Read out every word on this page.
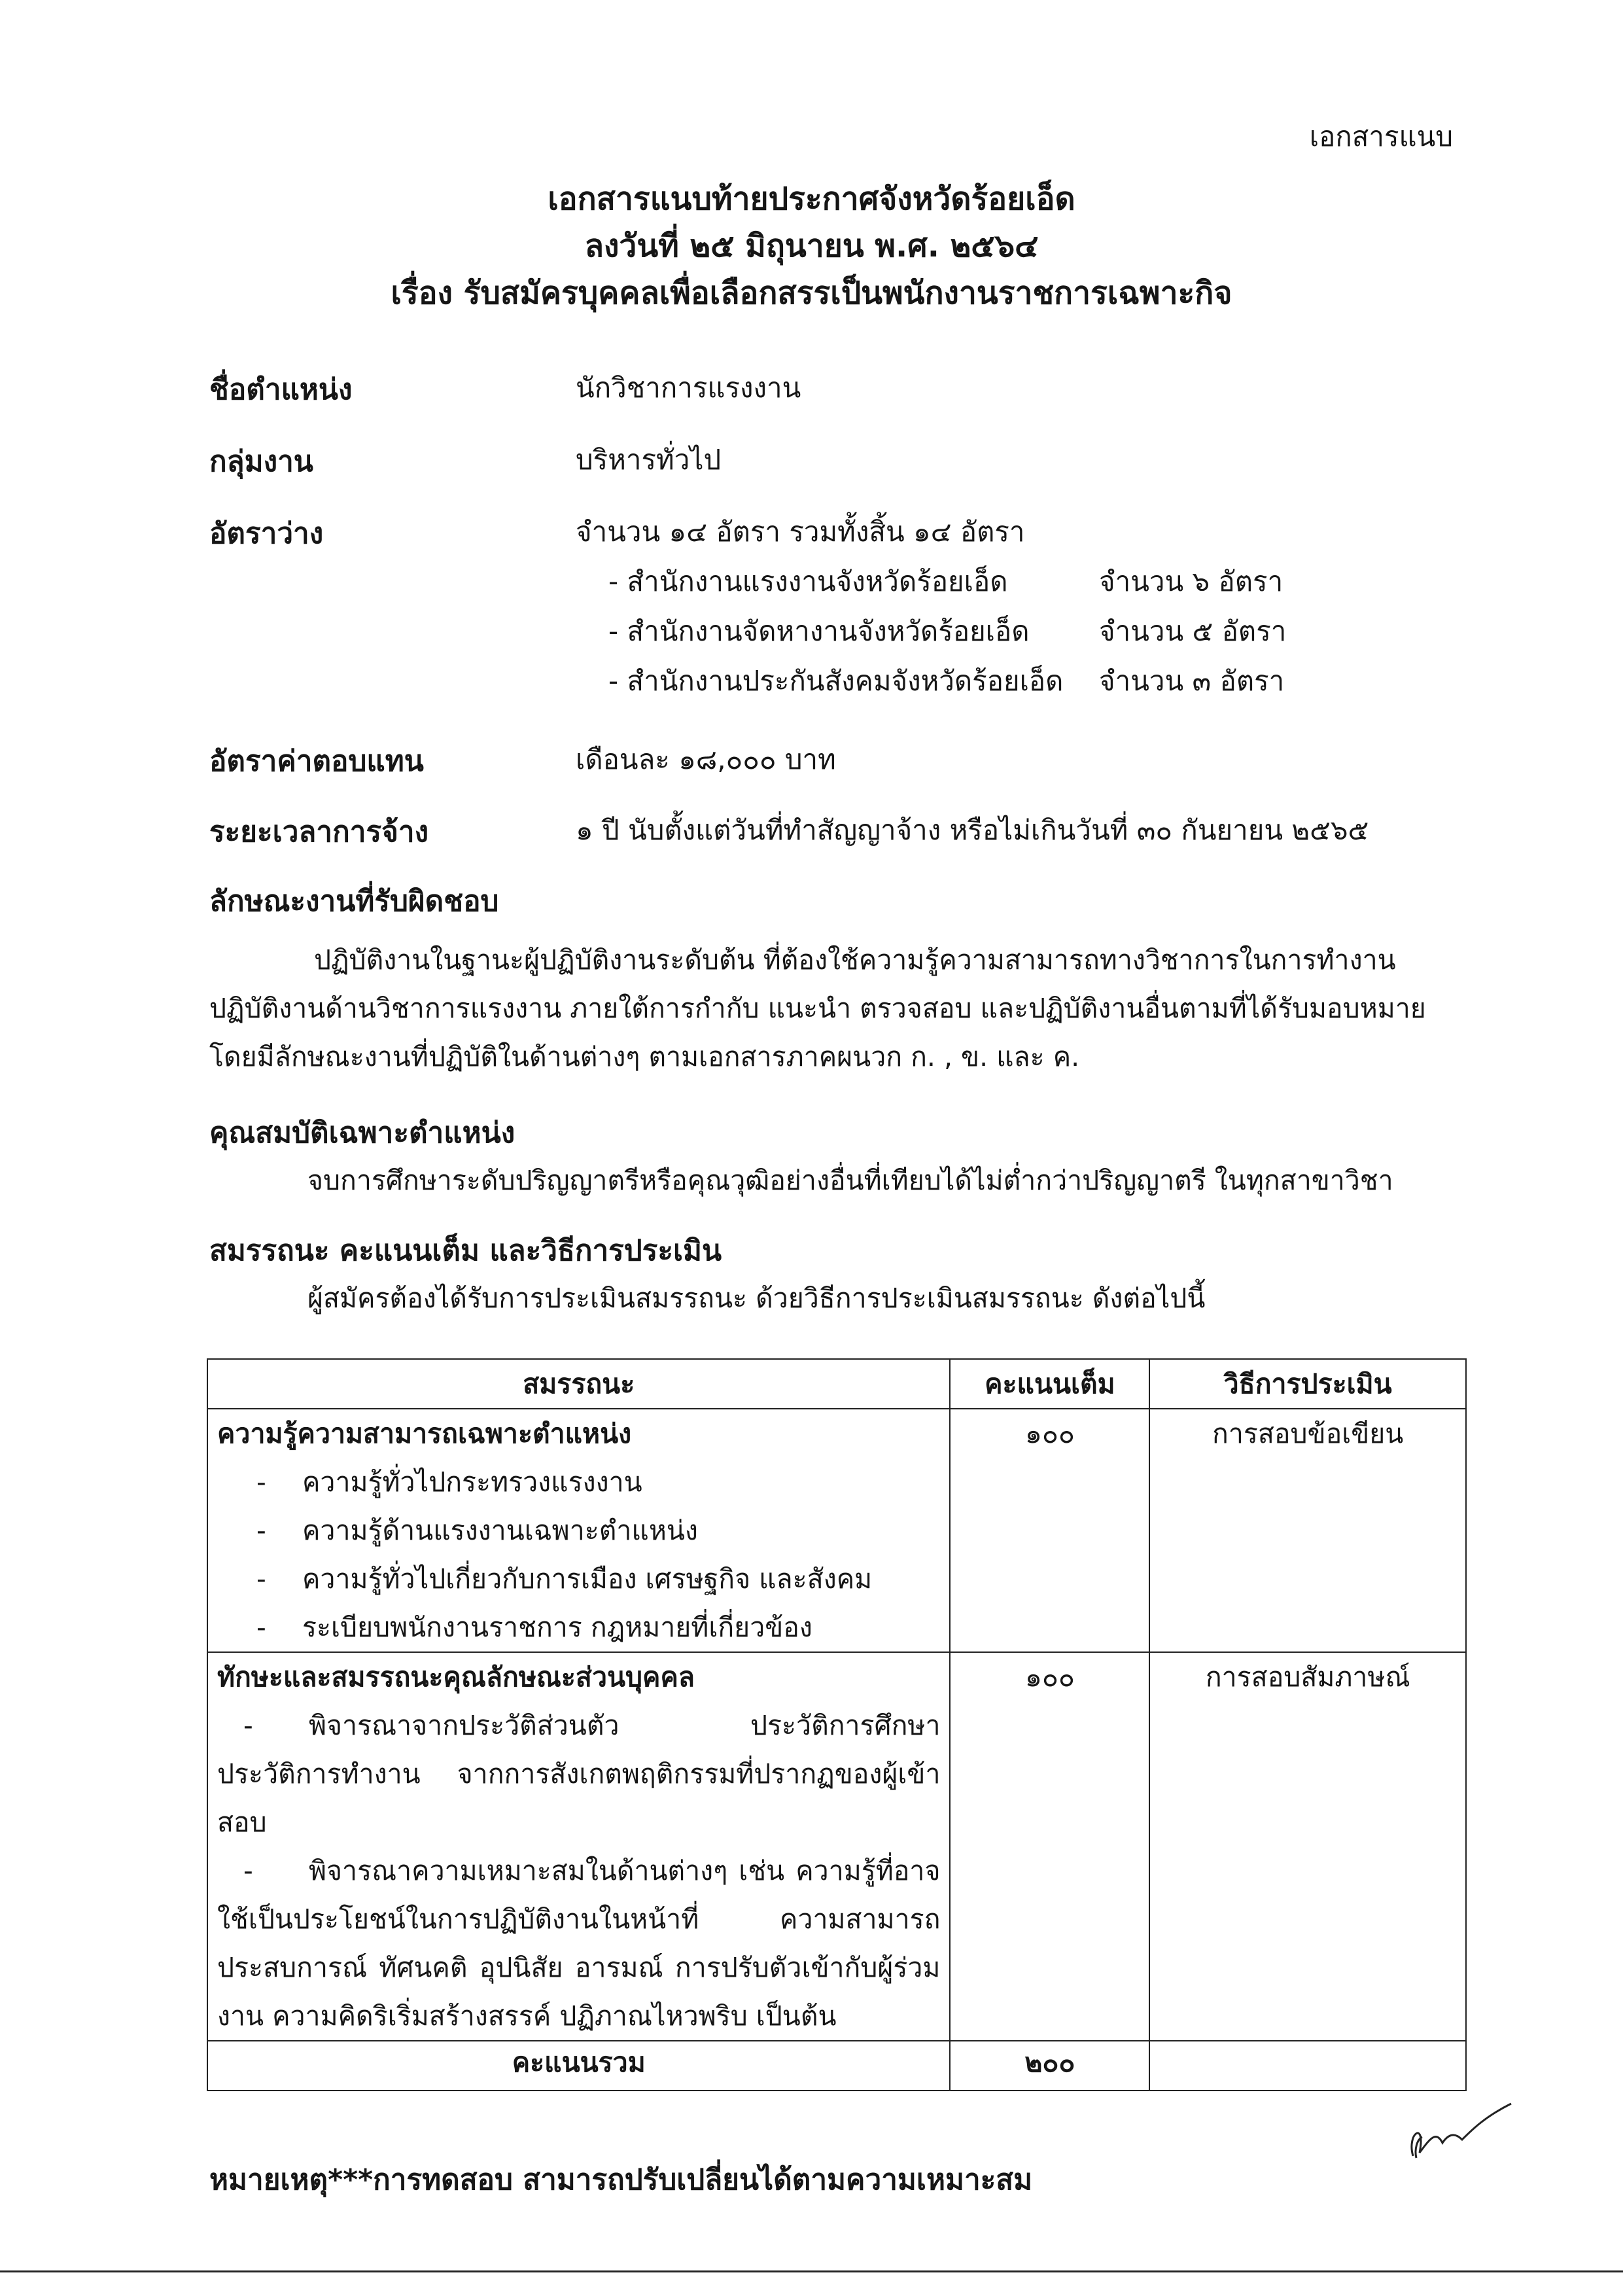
เอกสารแนบ
เอกสารแนบท้ายประกาศจังหวัดร้อยเอ็ด
ลงวันที่ ๒๕ มิถุนายน พ.ศ. ๒๕๖๔
เรื่อง รับสมัครบุคคลเพื่อเลือกสรรเป็นพนักงานราชการเฉพาะกิจ
ชื่อตำแหน่ง	นักวิชาการแรงงาน
กลุ่มงาน	บริหารทั่วไป
อัตราว่าง	จำนวน ๑๔ อัตรา รวมทั้งสิ้น ๑๔ อัตรา
- สำนักงานแรงงานจังหวัดร้อยเอ็ด	จำนวน ๖ อัตรา
- สำนักงานจัดหางานจังหวัดร้อยเอ็ด	จำนวน ๕ อัตรา
- สำนักงานประกันสังคมจังหวัดร้อยเอ็ด จำนวน ๓ อัตรา
อัตราค่าตอบแทน	เดือนละ ๑๘,๐๐๐ บาท
ระยะเวลาการจ้าง	๑ ปี นับตั้งแต่วันที่ทำสัญญาจ้าง หรือไม่เกินวันที่ ๓๐ กันยายน ๒๕๖๕
ลักษณะงานที่รับผิดชอบ
ปฏิบัติงานในฐานะผู้ปฏิบัติงานระดับต้น ที่ต้องใช้ความรู้ความสามารถทางวิชาการในการทำงาน ปฏิบัติงานด้านวิชาการแรงงาน ภายใต้การกำกับ แนะนำ ตรวจสอบ และปฏิบัติงานอื่นตามที่ได้รับมอบหมาย โดยมีลักษณะงานที่ปฏิบัติในด้านต่างๆ ตามเอกสารภาคผนวก ก. , ข. และ ค.
คุณสมบัติเฉพาะตำแหน่ง
จบการศึกษาระดับปริญญาตรีหรือคุณวุฒิอย่างอื่นที่เทียบได้ไม่ต่ำกว่าปริญญาตรี ในทุกสาขาวิชา
สมรรถนะ คะแนนเต็ม และวิธีการประเมิน
ผู้สมัครต้องได้รับการประเมินสมรรถนะ ด้วยวิธีการประเมินสมรรถนะ ดังต่อไปนี้
สมรรถนะ	คะแนนเต็ม	วิธีการประเมิน

ความรู้ความสามารถเฉพาะตำแหน่ง
- ความรู้ทั่วไปกระทรวงแรงงาน
- ความรู้ด้านแรงงานเฉพาะตำแหน่ง
- ความรู้ทั่วไปเกี่ยวกับการเมือง เศรษฐกิจ และสังคม
- ระเบียบพนักงานราชการ กฎหมายที่เกี่ยวข้อง	๑๐๐	การสอบข้อเขียน

ทักษะและสมรรถนะคุณลักษณะส่วนบุคคล
- พิจารณาจากประวัติส่วนตัว ประวัติการศึกษา ประวัติการทำงาน จากการสังเกตพฤติกรรมที่ปรากฏของผู้เข้าสอบ
- พิจารณาความเหมาะสมในด้านต่างๆ เช่น ความรู้ที่อาจใช้เป็นประโยชน์ในการปฏิบัติงานในหน้าที่ ความสามารถ ประสบการณ์ ทัศนคติ อุปนิสัย อารมณ์ การปรับตัวเข้ากับผู้ร่วมงาน ความคิดริเริ่มสร้างสรรค์ ปฏิภาณไหวพริบ เป็นต้น	๑๐๐	การสอบสัมภาษณ์

คะแนนรวม	๒๐๐	
หมายเหตุ***การทดสอบ สามารถปรับเปลี่ยนได้ตามความเหมาะสม
